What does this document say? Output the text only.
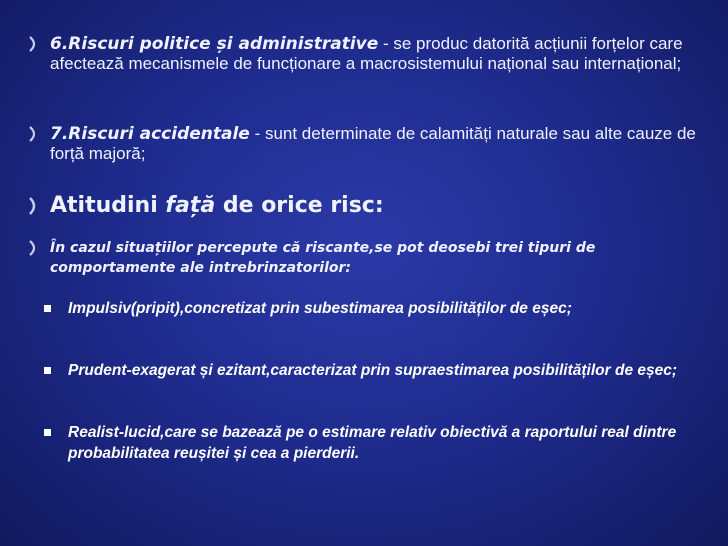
6.Riscuri politice și administrative - se produc datorită acțiunii forțelor care afectează mecanismele de funcționare a macrosistemului național sau internațional;
7.Riscuri accidentale - sunt determinate de calamități naturale sau alte cauze de forță majoră;
Atitudini față de orice risc:
În cazul situațiilor percepute că riscante,se pot deosebi trei tipuri de comportamente ale intrebrinzatorilor:
Impulsiv(pripit),concretizat prin subestimarea posibilităților de eșec;
Prudent-exagerat și ezitant,caracterizat prin supraestimarea posibilităților de eșec;
Realist-lucid,care se bazează pe o estimare relativ obiectivă a raportului real dintre probabilitatea reușitei și cea a pierderii.
